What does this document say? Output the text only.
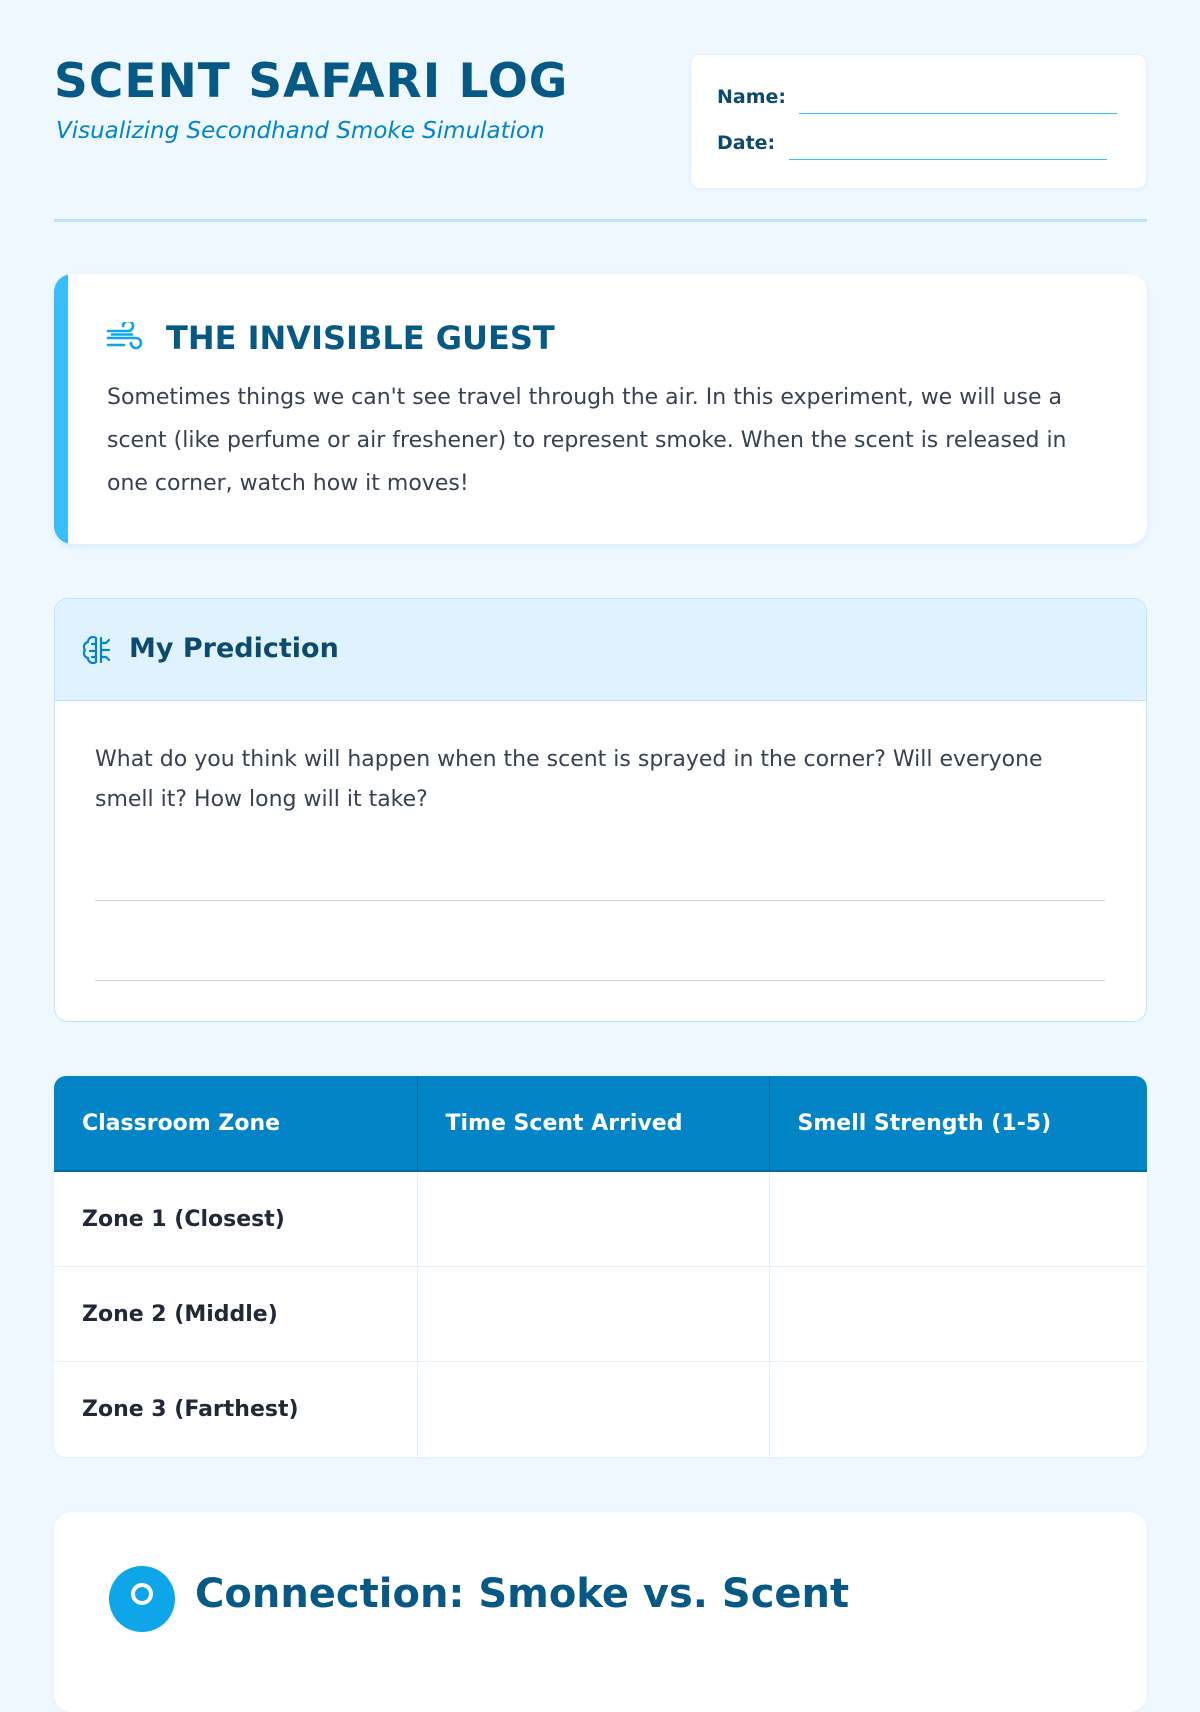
SCENT SAFARI LOG
Visualizing Secondhand Smoke Simulation
Name:
Date:
THE INVISIBLE GUEST

Sometimes things we can't see travel through the air. In this experiment, we will use a scent (like perfume or air freshener) to represent smoke. When the scent is released in one corner, watch how it moves!

My Prediction

What do you think will happen when the scent is sprayed in the corner? Will everyone smell it? How long will it take?

Classroom Zone	Time Scent Arrived	Smell Strength (1-5)
Zone 1 (Closest)		
Zone 2 (Middle)		
Zone 3 (Farthest)		
Connection: Smoke vs. Scent
